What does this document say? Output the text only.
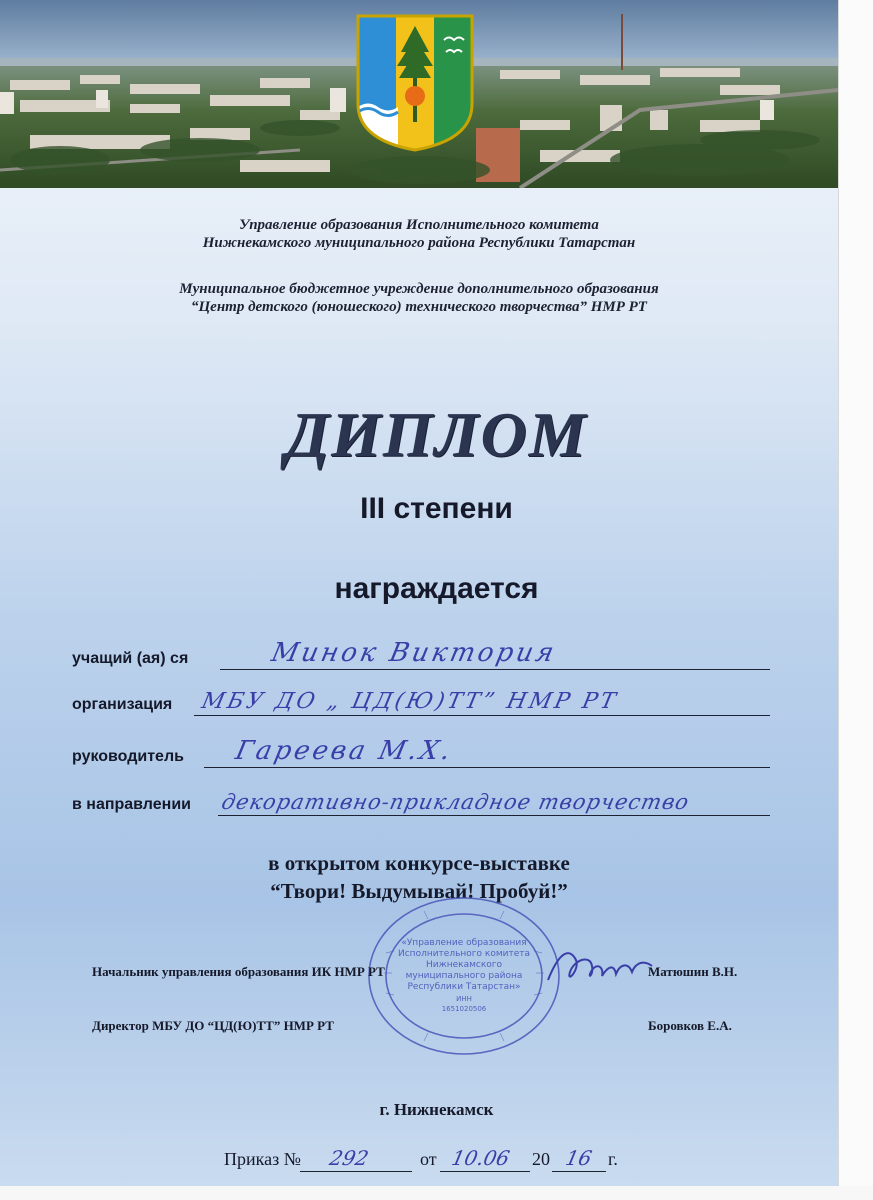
Управление образования Исполнительного комитета
Нижнекамского муниципального района Республики Татарстан
Муниципальное бюджетное учреждение дополнительного образования
“Центр детского (юношеского) технического творчества” НМР РТ
ДИПЛОМ
III степени
награждается
учащий (ая) ся	Минок Виктория
организация МБУ ДО „ ЦД(Ю)ТТ” НМР РТ
руководитель Гареева М.Х.
в направлении декоративно-прикладное творчество
в открытом конкурсе-выставке
“Твори! Выдумывай! Пробуй!”
«Управление образования
Исполнительного комитета
Нижнекамского
муниципального района
Республики Татарстан»
ИНН
1651020506
Начальник управления образования ИК НМР РТ	Матюшин В.Н.
Директор МБУ ДО “ЦД(Ю)ТТ” НМР РТ	Боровков Е.А.
г. Нижнекамск
Приказ № 292	от 10.06 20 16 г.
